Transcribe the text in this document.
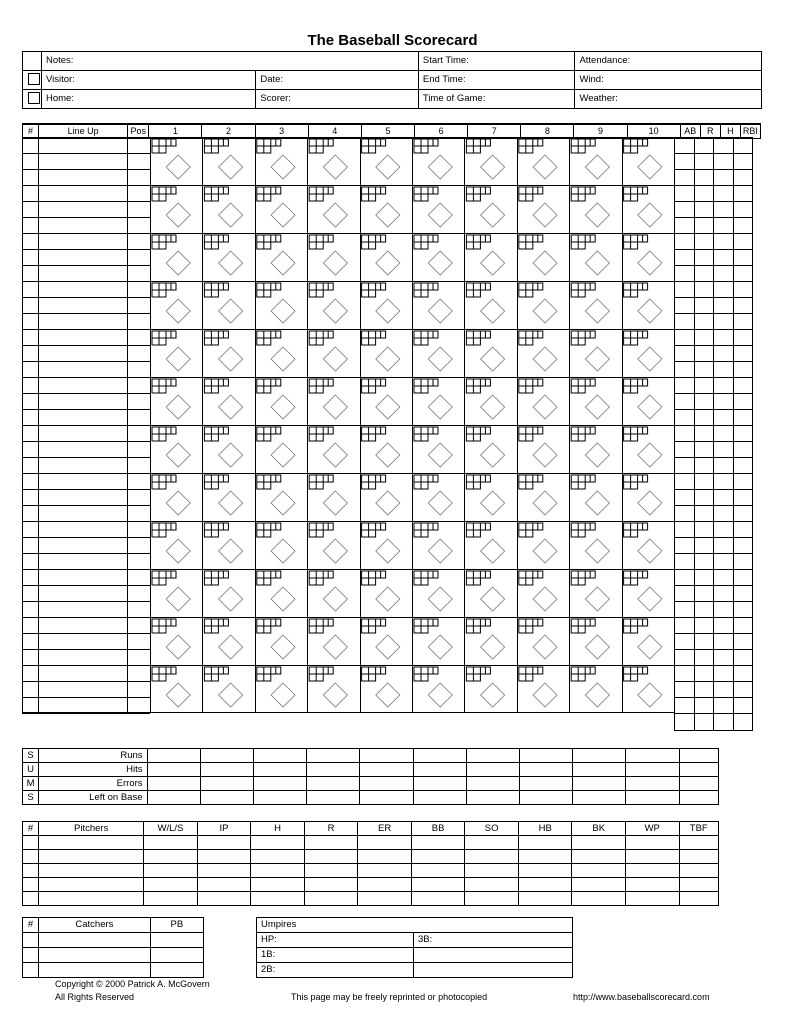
The Baseball Scorecard
	Notes:		Start Time:	Attendance:
	Visitor:	Date:	End Time:	Wind:
	Home:	Scorer:	Time of Game:	Weather:
#	Line Up	Pos	1	2	3	4	5	6	7	8	9	10	AB	R	H	RBI
S	Runs											
U	Hits											
M	Errors											
S	Left on Base											
#	Pitchers	W/L/S	IP	H	R	ER	BB	SO	HB	BK	WP	TBF

#	Catchers	PB

			Umpires	
HP:	3B:
1B:	
2B:	
Copyright © 2000 Patrick A. McGovern
All Rights Reserved	This page may be freely reprinted or photocopied	http://www.baseballscorecard.com
